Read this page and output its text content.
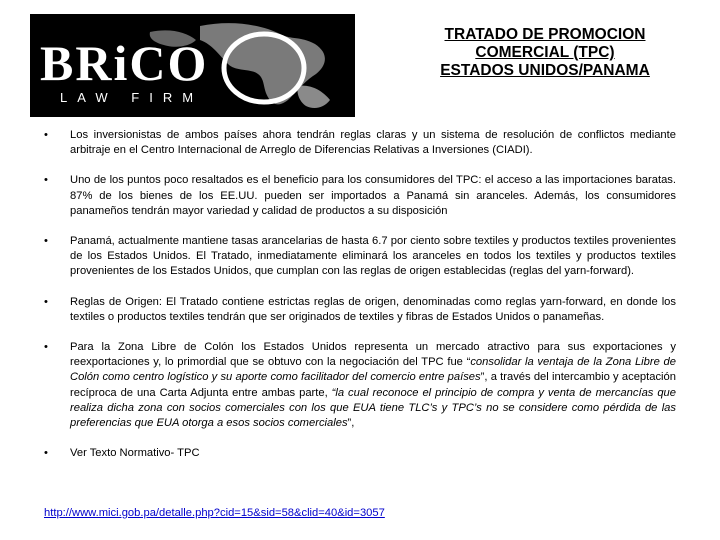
BRiCO
LAW FIRM
TRATADO DE PROMOCION
COMERCIAL (TPC)
ESTADOS UNIDOS/PANAMA
• Los inversionistas de ambos países ahora tendrán reglas claras y un sistema de resolución de conflictos mediante arbitraje en el Centro Internacional de Arreglo de Diferencias Relativas a Inversiones (CIADI).
• Uno de los puntos poco resaltados es el beneficio para los consumidores del TPC: el acceso a las importaciones baratas. 87% de los bienes de los EE.UU. pueden ser importados a Panamá sin aranceles. Además, los consumidores panameños tendrán mayor variedad y calidad de productos a su disposición
• Panamá, actualmente mantiene tasas arancelarias de hasta 6.7 por ciento sobre textiles y productos textiles provenientes de los Estados Unidos. El Tratado, inmediatamente eliminará los aranceles en todos los textiles y productos textiles provenientes de los Estados Unidos, que cumplan con las reglas de origen establecidas (reglas del yarn-forward).
• Reglas de Origen: El Tratado contiene estrictas reglas de origen, denominadas como reglas yarn-forward, en donde los textiles o productos textiles tendrán que ser originados de textiles y fibras de Estados Unidos o panameñas.
• Para la Zona Libre de Colón los Estados Unidos representa un mercado atractivo para sus exportaciones y reexportaciones y, lo primordial que se obtuvo con la negociación del TPC fue “consolidar la ventaja de la Zona Libre de Colón como centro logístico y su aporte como facilitador del comercio entre países”, a través del intercambio y aceptación recíproca de una Carta Adjunta entre ambas parte, “la cual reconoce el principio de compra y venta de mercancías que realiza dicha zona con socios comerciales con los que EUA tiene TLC’s y TPC’s no se considere como pérdida de las preferencias que EUA otorga a esos socios comerciales”,
• Ver Texto Normativo- TPC
http://www.mici.gob.pa/detalle.php?cid=15&sid=58&clid=40&id=3057
